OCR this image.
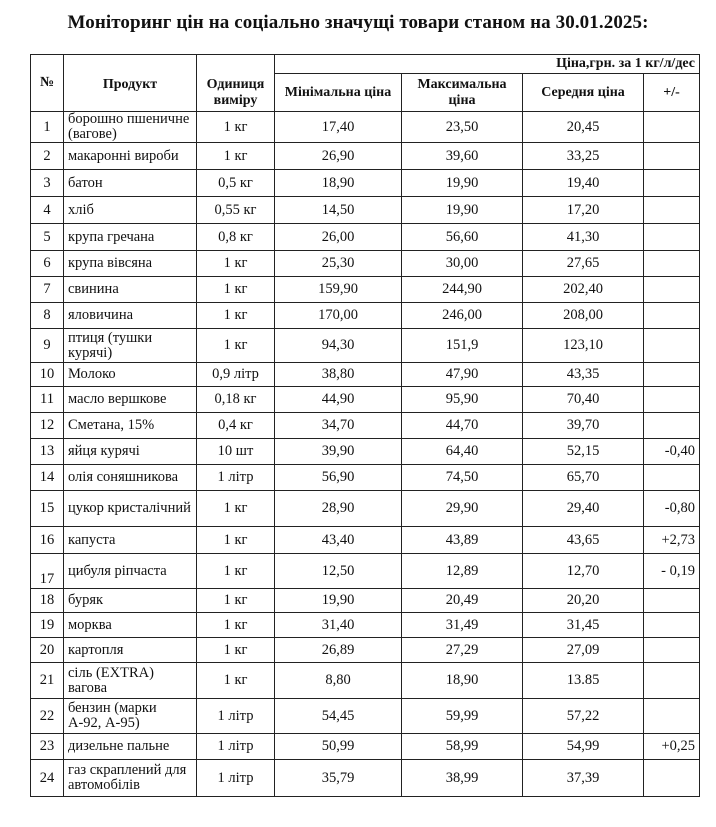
Моніторинг цін на соціально значущі товари станом на 30.01.2025:
№	Продукт	Одиниця виміру	Ціна,грн. за 1 кг/л/дес			
			Мінімальна ціна	Максимальна ціна	Середня ціна	+/-
1	борошно пшеничне (вагове)	1 кг	17,40	23,50	20,45	
2	макаронні вироби	1 кг	26,90	39,60	33,25	
3	батон	0,5 кг	18,90	19,90	19,40	
4	хліб	0,55 кг	14,50	19,90	17,20	
5	крупа гречана	0,8 кг	26,00	56,60	41,30	
6	крупа вівсяна	1 кг	25,30	30,00	27,65	
7	свинина	1 кг	159,90	244,90	202,40	
8	яловичина	1 кг	170,00	246,00	208,00	
9	птиця (тушки курячі)	1 кг	94,30	151,9	123,10	
10	Молоко	0,9 літр	38,80	47,90	43,35	
11	масло вершкове	0,18 кг	44,90	95,90	70,40	
12	Сметана, 15%	0,4 кг	34,70	44,70	39,70	
13	яйця курячі	10 шт	39,90	64,40	52,15	-0,40
14	олія соняшникова	1 літр	56,90	74,50	65,70	
15	цукор кристалічний	1 кг	28,90	29,90	29,40	-0,80
16	капуста	1 кг	43,40	43,89	43,65	+2,73
17	цибуля ріпчаста	1 кг	12,50	12,89	12,70	- 0,19
18	буряк	1 кг	19,90	20,49	20,20	
19	морква	1 кг	31,40	31,49	31,45	
20	картопля	1 кг	26,89	27,29	27,09	
21	сіль (EXTRA) вагова	1 кг	8,80	18,90	13.85	
22	бензин (марки А-92, А-95)	1 літр	54,45	59,99	57,22	
23	дизельне пальне	1 літр	50,99	58,99	54,99	+0,25
24	газ скраплений для автомобілів	1 літр	35,79	38,99	37,39	
